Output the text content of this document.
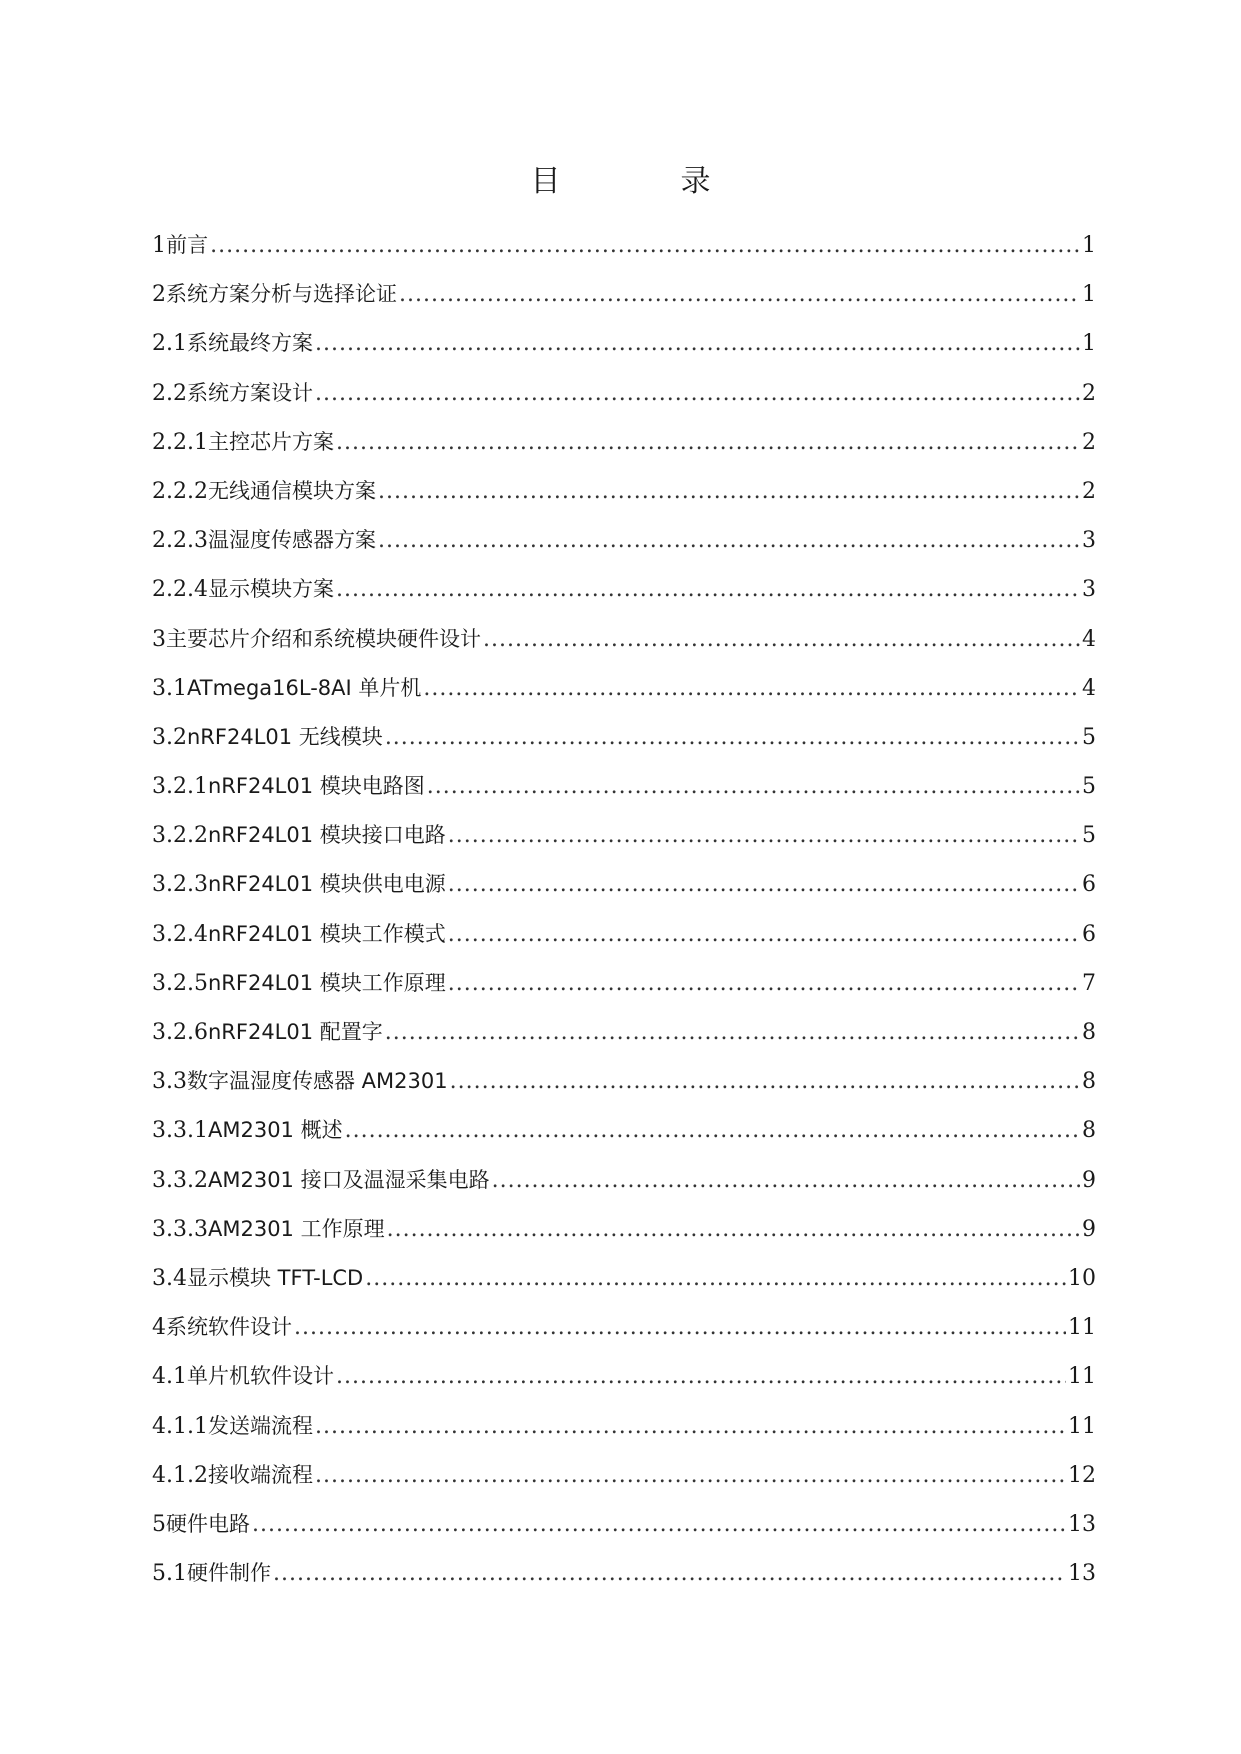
目	录
1 前言 .....	1
2 系统方案分析与选择论证 .....	1
2.1 系统最终方案 .....	1
2.2 系统方案设计 .....	2
2.2.1 主控芯片方案 .....	2
2.2.2 无线通信模块方案 .....	2
2.2.3 温湿度传感器方案 .....	3
2.2.4 显示模块方案 .....	3
3 主要芯片介绍和系统模块硬件设计 .....	4
3.1 ATmega16L-8AI 单片机 .....	4
3.2 nRF24L01 无线模块 .....	5
3.2.1 nRF24L01 模块电路图 .....	5
3.2.2 nRF24L01 模块接口电路 .....	5
3.2.3 nRF24L01 模块供电电源 .....	6
3.2.4 nRF24L01 模块工作模式 .....	6
3.2.5 nRF24L01 模块工作原理 .....	7
3.2.6 nRF24L01 配置字 .....	8
3.3 数字温湿度传感器 AM2301 .....	8
3.3.1 AM2301 概述 .....	8
3.3.2 AM2301 接口及温湿采集电路 .....	9
3.3.3 AM2301 工作原理 .....	9
3.4 显示模块 TFT-LCD .....	10
4 系统软件设计 .....	11
4.1 单片机软件设计 .....	11
4.1.1 发送端流程 .....	11
4.1.2 接收端流程 .....	12
5 硬件电路 .....	13
5.1 硬件制作 .....	13
